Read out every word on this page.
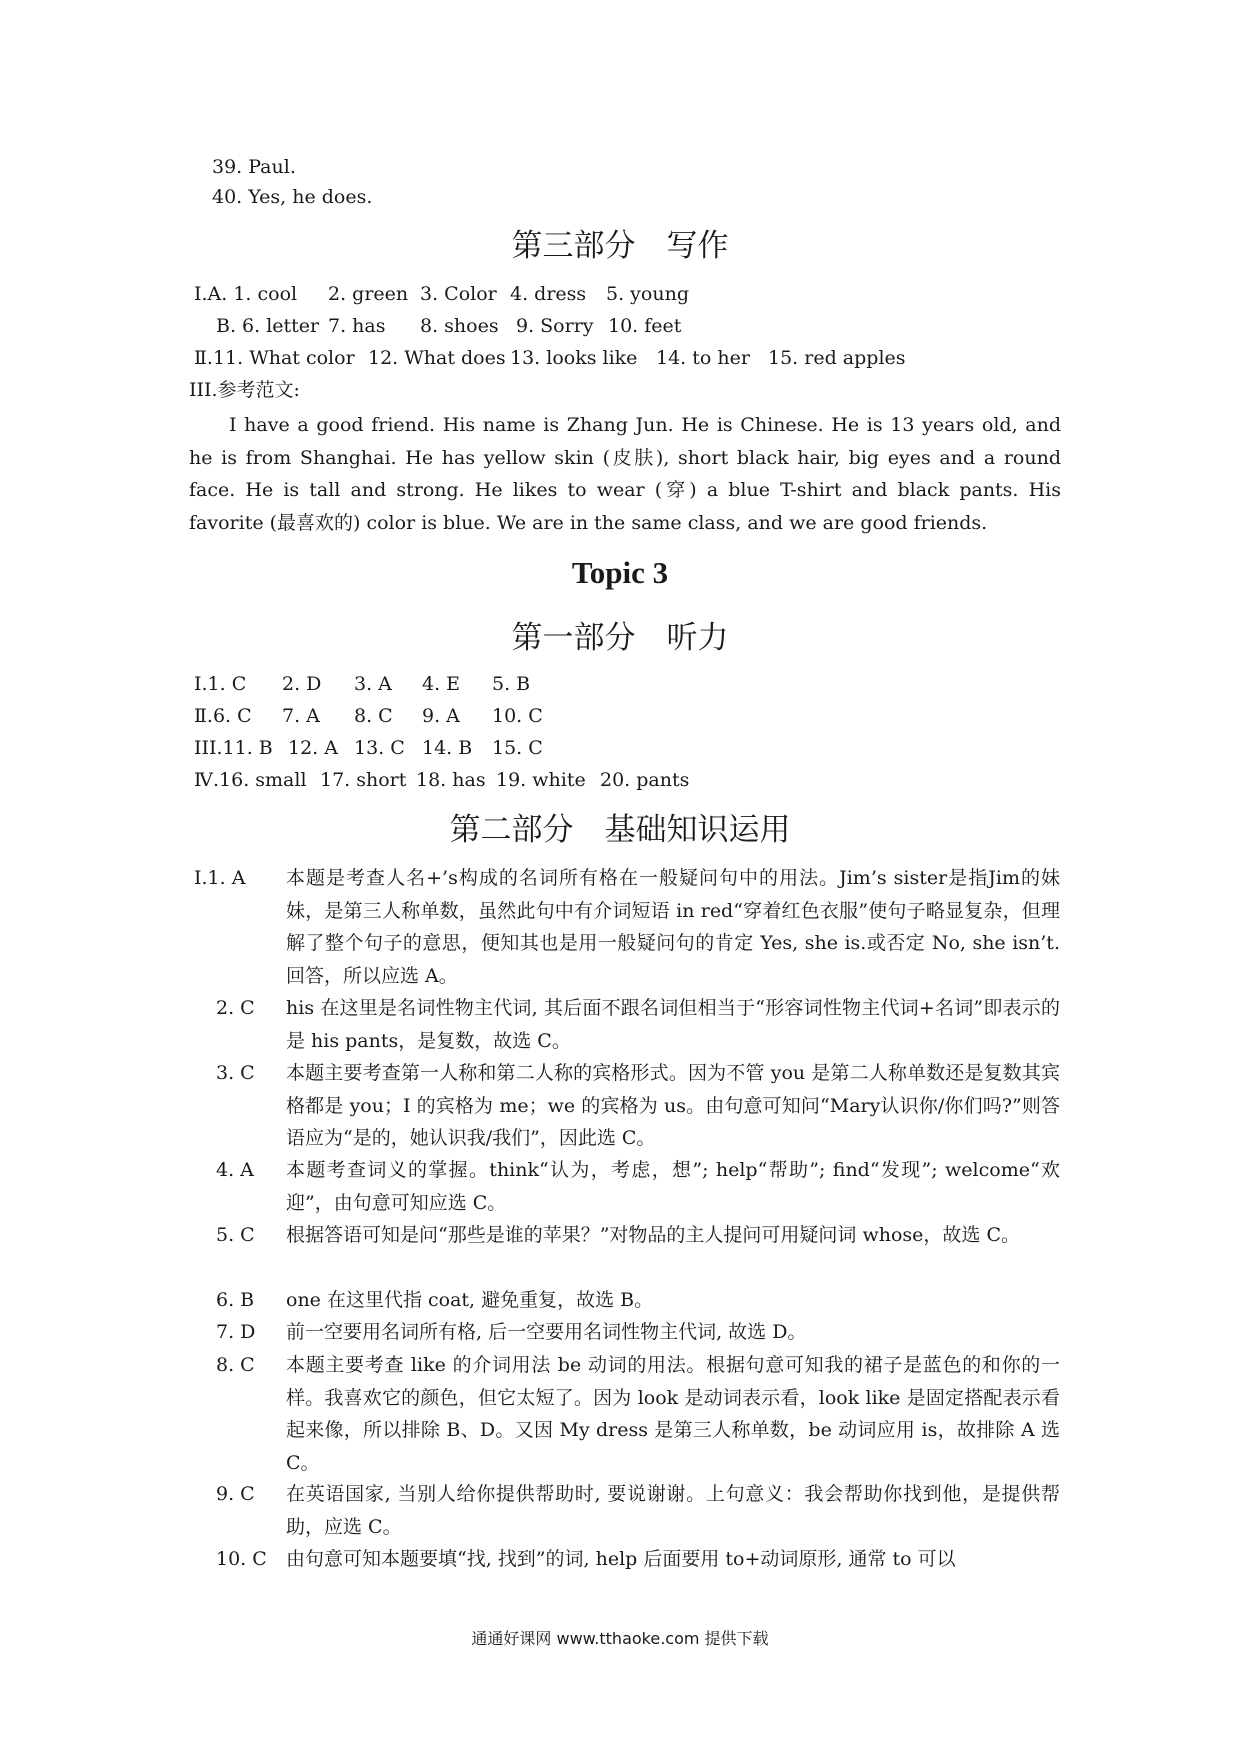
39. Paul.
40. Yes, he does.
第三部分　写作
Ⅰ.A. 1. cool 2. green 3. Color 4. dress 5. young
B. 6. letter 7. has 8. shoes 9. Sorry 10. feet
Ⅱ.11. What color 12. What does 13. looks like 14. to her 15. red apples
III.参考范文:

I have a good friend. His name is Zhang Jun. He is Chinese. He is 13 years old, and he is from Shanghai. He has yellow skin (皮肤), short black hair, big eyes and a round face. He is tall and strong. He likes to wear (穿) a blue T-shirt and black pants. His favorite (最喜欢的) color is blue. We are in the same class, and we are good friends.

Topic 3
第一部分　听力
Ⅰ.1. C 2. D 3. A 4. E 5. B
Ⅱ.6. C 7. A 8. C 9. A 10. C
III.11. B 12. A 13. C 14. B 15. C
Ⅳ.16. small 17. short 18. has 19. white 20. pants
第二部分　基础知识运用
Ⅰ.1. A	本题是考查人名+’s构成的名词所有格在一般疑问句中的用法。Jim’s sister是指Jim的妹妹，是第三人称单数，虽然此句中有介词短语 in red“穿着红色衣服”使句子略显复杂，但理解了整个句子的意思，便知其也是用一般疑问句的肯定 Yes, she is.或否定 No, she isn’t. 回答，所以应选 A。
2. C	his 在这里是名词性物主代词, 其后面不跟名词但相当于“形容词性物主代词+名词”即表示的是 his pants，是复数，故选 C。
3. C	本题主要考查第一人称和第二人称的宾格形式。因为不管 you 是第二人称单数还是复数其宾格都是 you；I 的宾格为 me；we 的宾格为 us。由句意可知问“Mary认识你/你们吗?”则答语应为“是的，她认识我/我们”，因此选 C。
4. A	本题考查词义的掌握。think“认为，考虑，想”; help“帮助”; find“发现”; welcome“欢迎”，由句意可知应选 C。
5. C	根据答语可知是问“那些是谁的苹果？”对物品的主人提问可用疑问词 whose，故选 C。
6. B	one 在这里代指 coat, 避免重复，故选 B。
7. D	前一空要用名词所有格, 后一空要用名词性物主代词, 故选 D。
8. C	本题主要考查 like 的介词用法 be 动词的用法。根据句意可知我的裙子是蓝色的和你的一样。我喜欢它的颜色，但它太短了。因为 look 是动词表示看，look like 是固定搭配表示看起来像，所以排除 B、D。又因 My dress 是第三人称单数，be 动词应用 is，故排除 A 选 C。
9. C	在英语国家, 当别人给你提供帮助时, 要说谢谢。上句意义：我会帮助你找到他，是提供帮助，应选 C。
10. C	由句意可知本题要填“找, 找到”的词, help 后面要用 to+动词原形, 通常 to 可以
通通好课网 www.tthaoke.com 提供下载
